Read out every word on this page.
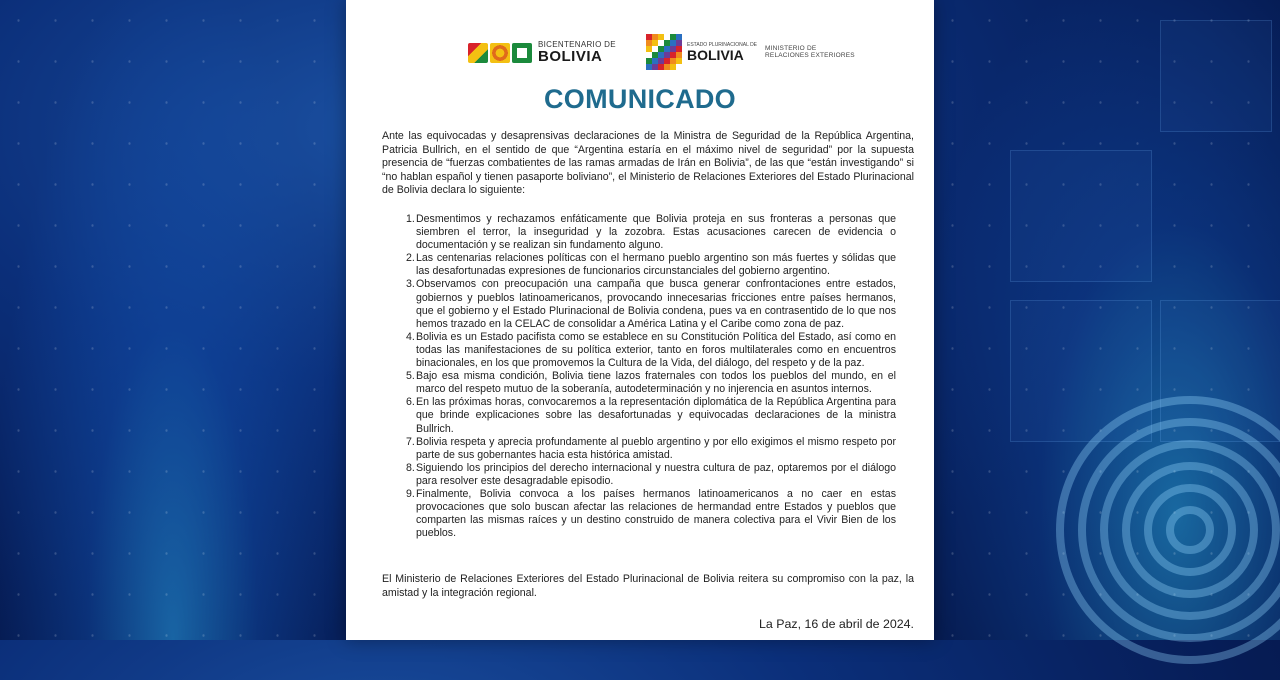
BICENTENARIO DE
BOLIVIA
ESTADO PLURINACIONAL DE
BOLIVIA	MINISTERIO DE
RELACIONES EXTERIORES
COMUNICADO
Ante las equivocadas y desaprensivas declaraciones de la Ministra de Seguridad de la República Argentina, Patricia Bullrich, en el sentido de que “Argentina estaría en el máximo nivel de seguridad” por la supuesta presencia de “fuerzas combatientes de las ramas armadas de Irán en Bolivia”, de las que “están investigando” si “no hablan español y tienen pasaporte boliviano”, el Ministerio de Relaciones Exteriores del Estado Plurinacional de Bolivia declara lo siguiente:
1. Desmentimos y rechazamos enfáticamente que Bolivia proteja en sus fronteras a personas que siembren el terror, la inseguridad y la zozobra. Estas acusaciones carecen de evidencia o documentación y se realizan sin fundamento alguno.
2. Las centenarias relaciones políticas con el hermano pueblo argentino son más fuertes y sólidas que las desafortunadas expresiones de funcionarios circunstanciales del gobierno argentino.
3. Observamos con preocupación una campaña que busca generar confrontaciones entre estados, gobiernos y pueblos latinoamericanos, provocando innecesarias fricciones entre países hermanos, que el gobierno y el Estado Plurinacional de Bolivia condena, pues va en contrasentido de lo que nos hemos trazado en la CELAC de consolidar a América Latina y el Caribe como zona de paz.
4. Bolivia es un Estado pacifista como se establece en su Constitución Política del Estado, así como en todas las manifestaciones de su política exterior, tanto en foros multilaterales como en encuentros binacionales, en los que promovemos la Cultura de la Vida, del diálogo, del respeto y de la paz.
5. Bajo esa misma condición, Bolivia tiene lazos fraternales con todos los pueblos del mundo, en el marco del respeto mutuo de la soberanía, autodeterminación y no injerencia en asuntos internos.
6. En las próximas horas, convocaremos a la representación diplomática de la República Argentina para que brinde explicaciones sobre las desafortunadas y equivocadas declaraciones de la ministra Bullrich.
7. Bolivia respeta y aprecia profundamente al pueblo argentino y por ello exigimos el mismo respeto por parte de sus gobernantes hacia esta histórica amistad.
8. Siguiendo los principios del derecho internacional y nuestra cultura de paz, optaremos por el diálogo para resolver este desagradable episodio.
9. Finalmente, Bolivia convoca a los países hermanos latinoamericanos a no caer en estas provocaciones que solo buscan afectar las relaciones de hermandad entre Estados y pueblos que comparten las mismas raíces y un destino construido de manera colectiva para el Vivir Bien de los pueblos.
El Ministerio de Relaciones Exteriores del Estado Plurinacional de Bolivia reitera su compromiso con la paz, la amistad y la integración regional.
La Paz, 16 de abril de 2024.
